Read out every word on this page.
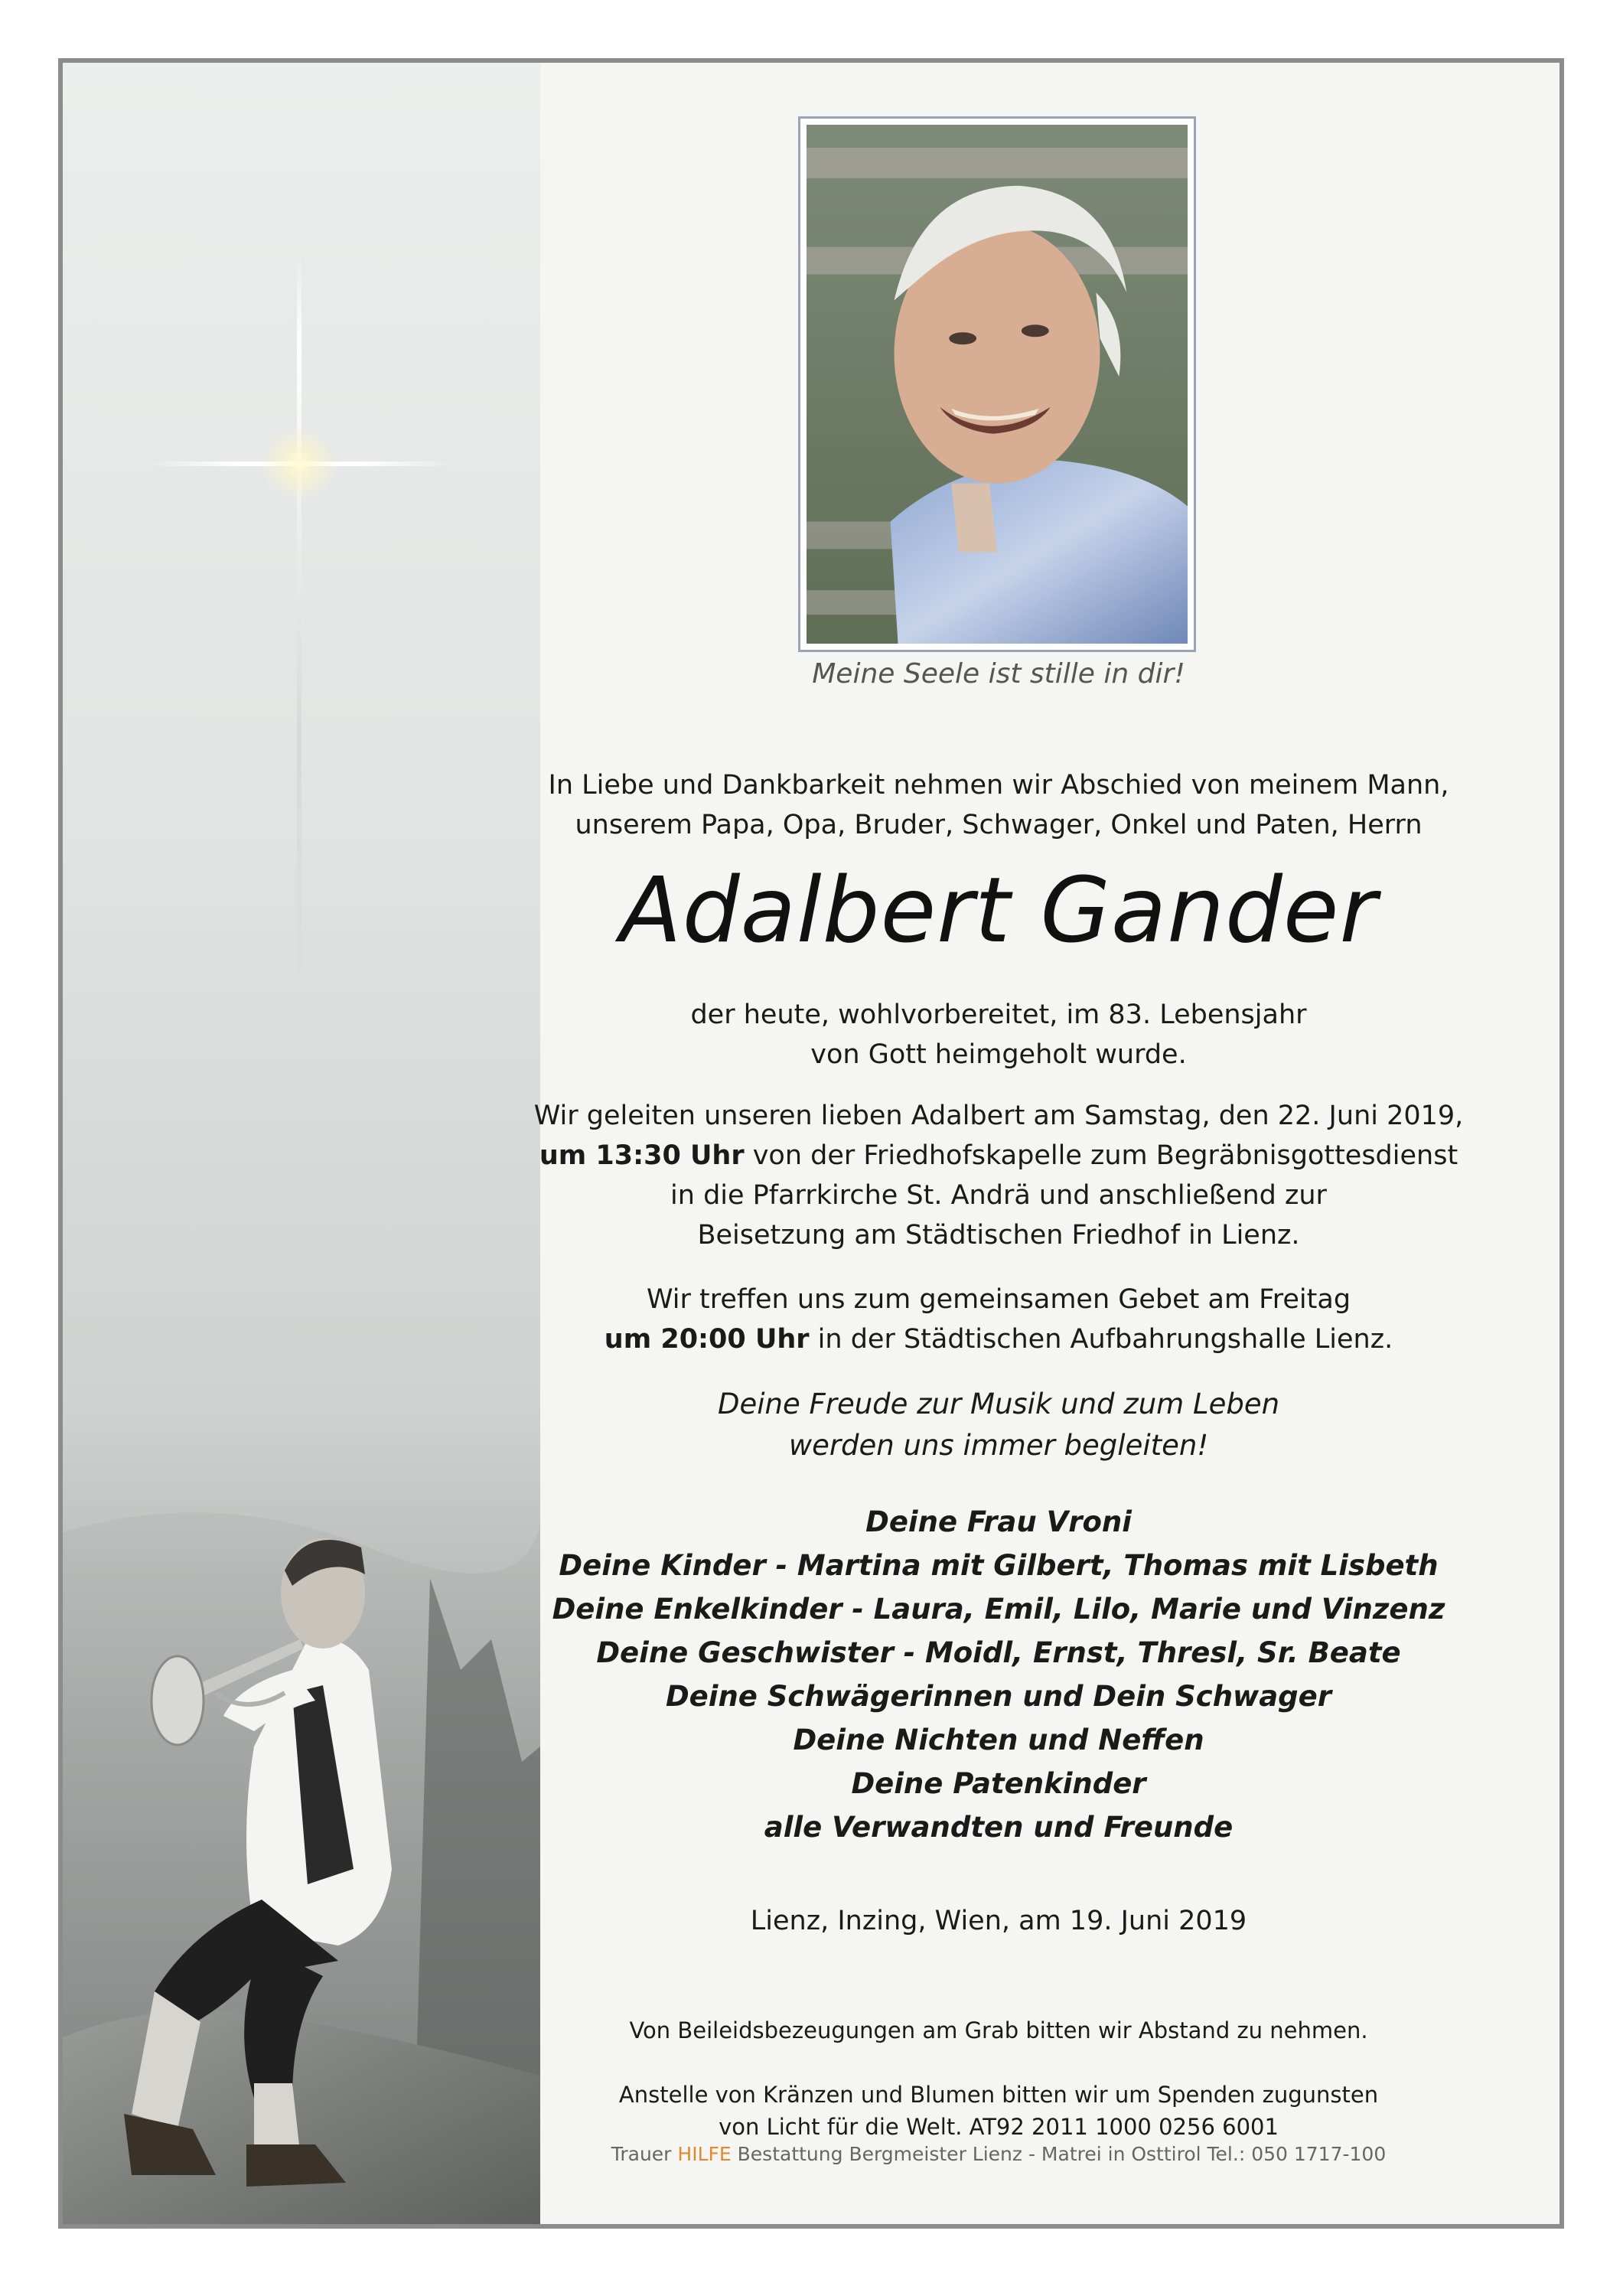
Meine Seele ist stille in dir!
In Liebe und Dankbarkeit nehmen wir Abschied von meinem Mann,
unserem Papa, Opa, Bruder, Schwager, Onkel und Paten, Herrn
Adalbert Gander
der heute, wohlvorbereitet, im 83. Lebensjahr
von Gott heimgeholt wurde.
Wir geleiten unseren lieben Adalbert am Samstag, den 22. Juni 2019,
um 13:30 Uhr von der Friedhofskapelle zum Begräbnisgottesdienst
in die Pfarrkirche St. Andrä und anschließend zur
Beisetzung am Städtischen Friedhof in Lienz.
Wir treffen uns zum gemeinsamen Gebet am Freitag
um 20:00 Uhr in der Städtischen Aufbahrungshalle Lienz.
Deine Freude zur Musik und zum Leben
werden uns immer begleiten!
Deine Frau Vroni
Deine Kinder - Martina mit Gilbert, Thomas mit Lisbeth
Deine Enkelkinder - Laura, Emil, Lilo, Marie und Vinzenz
Deine Geschwister - Moidl, Ernst, Thresl, Sr. Beate
Deine Schwägerinnen und Dein Schwager
Deine Nichten und Neffen
Deine Patenkinder
alle Verwandten und Freunde
Lienz, Inzing, Wien, am 19. Juni 2019
Von Beileidsbezeugungen am Grab bitten wir Abstand zu nehmen.
Anstelle von Kränzen und Blumen bitten wir um Spenden zugunsten
von Licht für die Welt. AT92 2011 1000 0256 6001
Trauer HILFE Bestattung Bergmeister Lienz - Matrei in Osttirol Tel.: 050 1717-100
